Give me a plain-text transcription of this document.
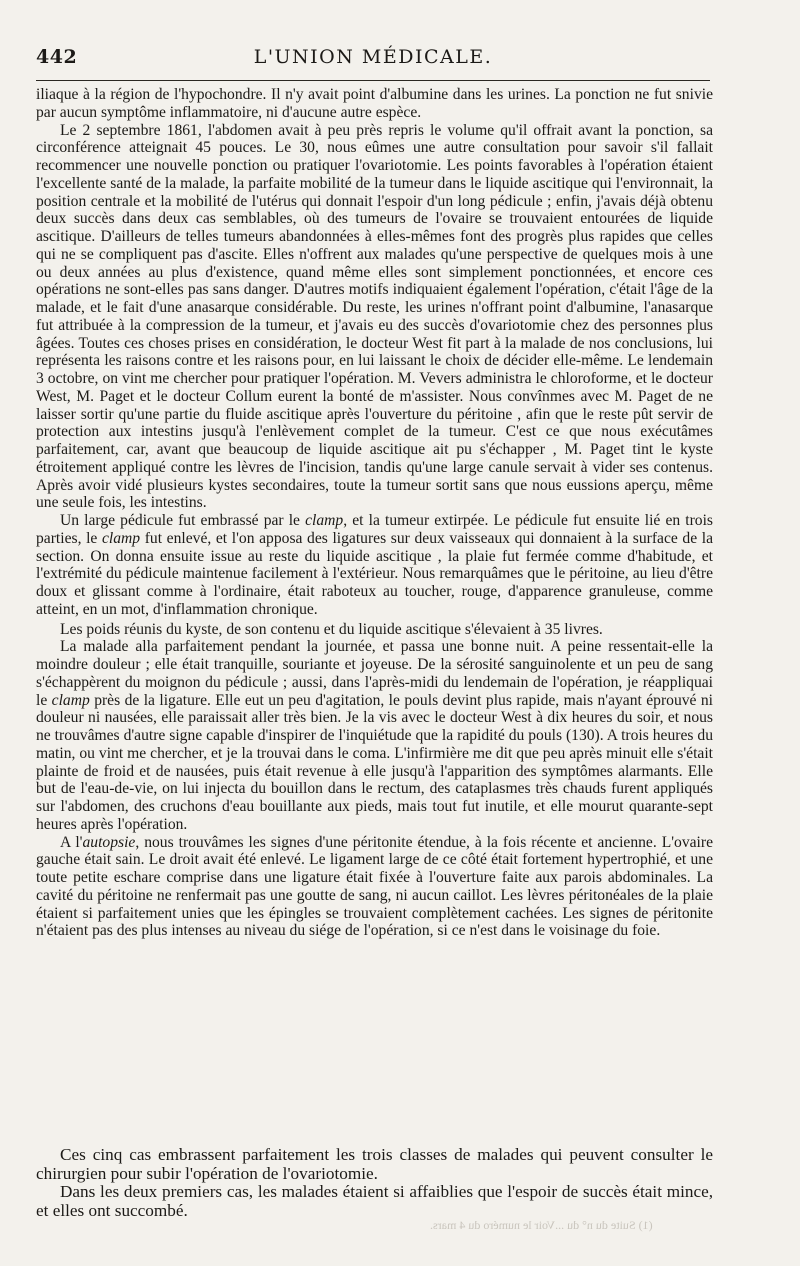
442	L'UNION MÉDICALE.

iliaque à la région de l'hypochondre. Il n'y avait point d'albumine dans les urines. La ponction ne fut snivie par aucun symptôme inflammatoire, ni d'aucune autre espèce.

Le 2 septembre 1861, l'abdomen avait à peu près repris le volume qu'il offrait avant la ponction, sa circonférence atteignait 45 pouces. Le 30, nous eûmes une autre consultation pour savoir s'il fallait recommencer une nouvelle ponction ou pratiquer l'ovariotomie. Les points favorables à l'opération étaient l'excellente santé de la malade, la parfaite mobilité de la tumeur dans le liquide ascitique qui l'environnait, la position centrale et la mobilité de l'utérus qui donnait l'espoir d'un long pédicule ; enfin, j'avais déjà obtenu deux succès dans deux cas semblables, où des tumeurs de l'ovaire se trouvaient entourées de liquide ascitique. D'ailleurs de telles tumeurs abandonnées à elles-mêmes font des progrès plus rapides que celles qui ne se compliquent pas d'ascite. Elles n'offrent aux malades qu'une perspective de quelques mois à une ou deux années au plus d'existence, quand même elles sont simplement ponctionnées, et encore ces opérations ne sont-elles pas sans danger. D'autres motifs indiquaient également l'opération, c'était l'âge de la malade, et le fait d'une anasarque considérable. Du reste, les urines n'offrant point d'albumine, l'anasarque fut attribuée à la compression de la tumeur, et j'avais eu des succès d'ovariotomie chez des personnes plus âgées. Toutes ces choses prises en considération, le docteur West fit part à la malade de nos conclusions, lui représenta les raisons contre et les raisons pour, en lui laissant le choix de décider elle-même. Le lendemain 3 octobre, on vint me chercher pour pratiquer l'opération. M. Vevers administra le chloroforme, et le docteur West, M. Paget et le docteur Collum eurent la bonté de m'assister. Nous convînmes avec M. Paget de ne laisser sortir qu'une partie du fluide ascitique après l'ouverture du péritoine , afin que le reste pût servir de protection aux intestins jusqu'à l'enlèvement complet de la tumeur. C'est ce que nous exécutâmes parfaitement, car, avant que beaucoup de liquide ascitique ait pu s'échapper , M. Paget tint le kyste étroitement appliqué contre les lèvres de l'incision, tandis qu'une large canule servait à vider ses contenus. Après avoir vidé plusieurs kystes secondaires, toute la tumeur sortit sans que nous eussions aperçu, même une seule fois, les intestins.

Un large pédicule fut embrassé par le clamp, et la tumeur extirpée. Le pédicule fut ensuite lié en trois parties, le clamp fut enlevé, et l'on apposa des ligatures sur deux vaisseaux qui donnaient à la surface de la section. On donna ensuite issue au reste du liquide ascitique , la plaie fut fermée comme d'habitude, et l'extrémité du pédicule maintenue facilement à l'extérieur. Nous remarquâmes que le péritoine, au lieu d'être doux et glissant comme à l'ordinaire, était raboteux au toucher, rouge, d'apparence granuleuse, comme atteint, en un mot, d'inflammation chronique.

Les poids réunis du kyste, de son contenu et du liquide ascitique s'élevaient à 35 livres.

La malade alla parfaitement pendant la journée, et passa une bonne nuit. A peine ressentait-elle la moindre douleur ; elle était tranquille, souriante et joyeuse. De la sérosité sanguinolente et un peu de sang s'échappèrent du moignon du pédicule ; aussi, dans l'après-midi du lendemain de l'opération, je réappliquai le clamp près de la ligature. Elle eut un peu d'agitation, le pouls devint plus rapide, mais n'ayant éprouvé ni douleur ni nausées, elle paraissait aller très bien. Je la vis avec le docteur West à dix heures du soir, et nous ne trouvâmes d'autre signe capable d'inspirer de l'inquiétude que la rapidité du pouls (130). A trois heures du matin, ou vint me chercher, et je la trouvai dans le coma. L'infirmière me dit que peu après minuit elle s'était plainte de froid et de nausées, puis était revenue à elle jusqu'à l'apparition des symptômes alarmants. Elle but de l'eau-de-vie, on lui injecta du bouillon dans le rectum, des cataplasmes très chauds furent appliqués sur l'abdomen, des cruchons d'eau bouillante aux pieds, mais tout fut inutile, et elle mourut quarante-sept heures après l'opération.

A l'autopsie, nous trouvâmes les signes d'une péritonite étendue, à la fois récente et ancienne. L'ovaire gauche était sain. Le droit avait été enlevé. Le ligament large de ce côté était fortement hypertrophié, et une toute petite eschare comprise dans une ligature était fixée à l'ouverture faite aux parois abdominales. La cavité du péritoine ne renfermait pas une goutte de sang, ni aucun caillot. Les lèvres péritonéales de la plaie étaient si parfaitement unies que les épingles se trouvaient complètement cachées. Les signes de péritonite n'étaient pas des plus intenses au niveau du siége de l'opération, si ce n'est dans le voisinage du foie.

Ces cinq cas embrassent parfaitement les trois classes de malades qui peuvent consulter le chirurgien pour subir l'opération de l'ovariotomie.

Dans les deux premiers cas, les malades étaient si affaiblies que l'espoir de succès était mince, et elles ont succombé.

(1) Suite du n° du ...Voir le numéro du 4 mars.
